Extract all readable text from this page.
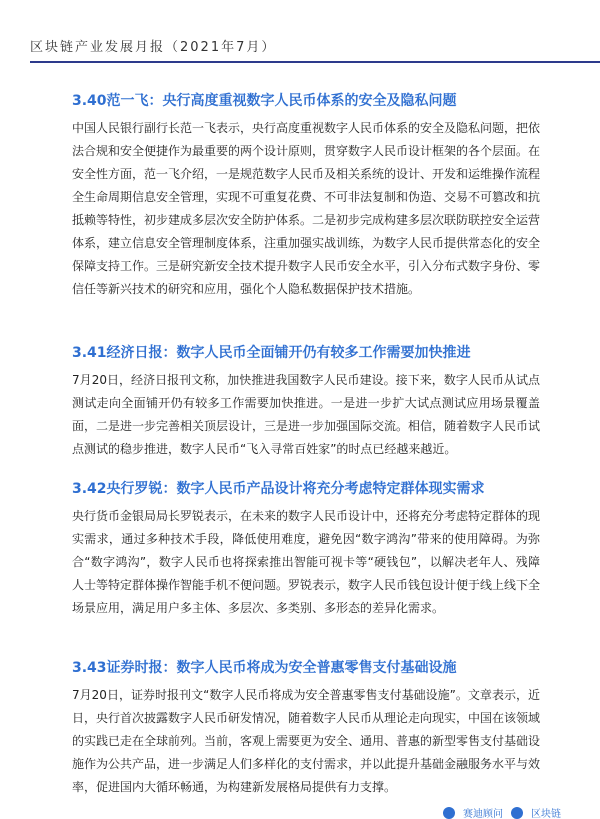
区块链产业发展月报（2021年7月）
3.40范一飞：央行高度重视数字人民币体系的安全及隐私问题

中国人民银行副行长范一飞表示，央行高度重视数字人民币体系的安全及隐私问题，把依法合规和安全便捷作为最重要的两个设计原则，贯穿数字人民币设计框架的各个层面。在安全性方面，范一飞介绍，一是规范数字人民币及相关系统的设计、开发和运维操作流程全生命周期信息安全管理，实现不可重复花费、不可非法复制和伪造、交易不可篡改和抗抵赖等特性，初步建成多层次安全防护体系。二是初步完成构建多层次联防联控安全运营体系，建立信息安全管理制度体系，注重加强实战训练，为数字人民币提供常态化的安全保障支持工作。三是研究新安全技术提升数字人民币安全水平，引入分布式数字身份、零信任等新兴技术的研究和应用，强化个人隐私数据保护技术措施。

3.41经济日报：数字人民币全面铺开仍有较多工作需要加快推进

7月20日，经济日报刊文称，加快推进我国数字人民币建设。接下来，数字人民币从试点测试走向全面铺开仍有较多工作需要加快推进。一是进一步扩大试点测试应用场景覆盖面，二是进一步完善相关顶层设计，三是进一步加强国际交流。相信，随着数字人民币试点测试的稳步推进，数字人民币“飞入寻常百姓家”的时点已经越来越近。

3.42央行罗锐：数字人民币产品设计将充分考虑特定群体现实需求

央行货币金银局局长罗锐表示，在未来的数字人民币设计中，还将充分考虑特定群体的现实需求，通过多种技术手段，降低使用难度，避免因“数字鸿沟”带来的使用障碍。为弥合“数字鸿沟”，数字人民币也将探索推出智能可视卡等“硬钱包”，以解决老年人、残障人士等特定群体操作智能手机不便问题。罗锐表示，数字人民币钱包设计便于线上线下全场景应用，满足用户多主体、多层次、多类别、多形态的差异化需求。

3.43证券时报：数字人民币将成为安全普惠零售支付基础设施

7月20日，证券时报刊文“数字人民币将成为安全普惠零售支付基础设施”。文章表示，近日，央行首次披露数字人民币研发情况，随着数字人民币从理论走向现实，中国在该领域的实践已走在全球前列。当前，客观上需要更为安全、通用、普惠的新型零售支付基础设施作为公共产品，进一步满足人们多样化的支付需求，并以此提升基础金融服务水平与效率，促进国内大循环畅通，为构建新发展格局提供有力支撑。

赛迪顾问	区块链
